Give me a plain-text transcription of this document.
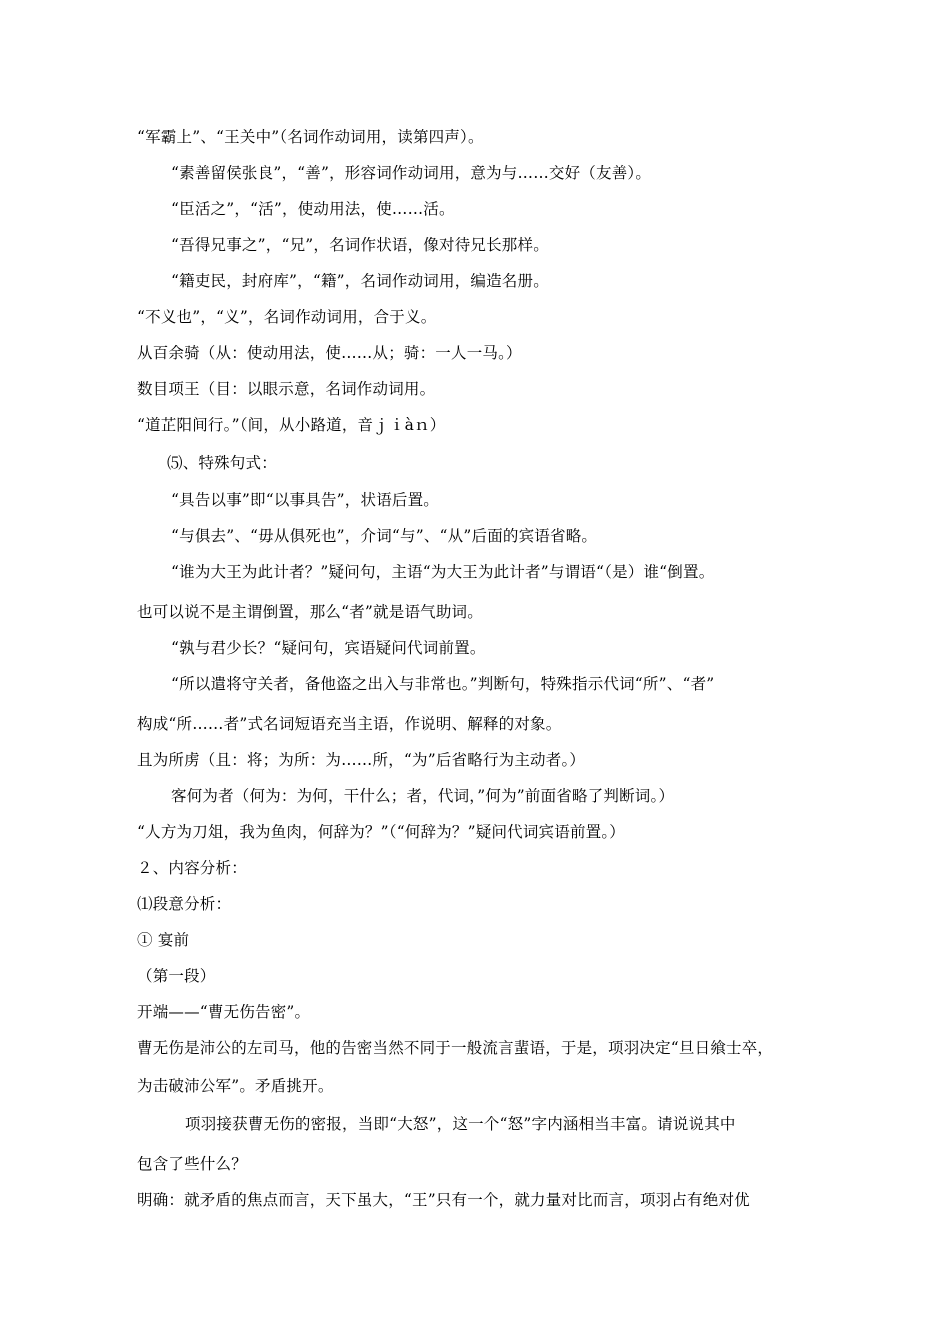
“军霸上”、“王关中”（名词作动词用，读第四声）。
“素善留侯张良”，“善”，形容词作动词用，意为与……交好（友善）。
“臣活之”，“活”，使动用法，使……活。
“吾得兄事之”，“兄”，名词作状语，像对待兄长那样。
“籍吏民，封府库”，“籍”，名词作动词用，编造名册。
“不义也”，“义”，名词作动词用，合于义。
从百余骑（从：使动用法，使……从；骑：一人一马。）
数目项王（目：以眼示意，名词作动词用。
“道芷阳间行。”（间，从小路道，音ｊｉàｎ）
⑸、特殊句式：
“具告以事”即“以事具告”，状语后置。
“与俱去”、“毋从俱死也”，介词“与”、“从”后面的宾语省略。
“谁为大王为此计者？”疑问句，主语“为大王为此计者”与谓语“（是）谁“倒置。
也可以说不是主谓倒置，那么“者”就是语气助词。
“孰与君少长？“疑问句，宾语疑问代词前置。
“所以遣将守关者，备他盗之出入与非常也。”判断句，特殊指示代词“所”、“者”
构成“所……者”式名词短语充当主语，作说明、解释的对象。
且为所虏（且：将；为所：为……所，“为”后省略行为主动者。）
客何为者（何为：为何，干什么；者，代词，”何为”前面省略了判断词。）
“人方为刀俎，我为鱼肉，何辞为？”（“何辞为？”疑问代词宾语前置。）
２、内容分析：
⑴段意分析：
① 宴前
（第一段）
开端——“曹无伤告密”。
曹无伤是沛公的左司马，他的告密当然不同于一般流言蜚语，于是，项羽决定“旦日飨士卒，
为击破沛公军”。矛盾挑开。
项羽接获曹无伤的密报，当即“大怒”，这一个“怒”字内涵相当丰富。请说说其中
包含了些什么？
明确：就矛盾的焦点而言，天下虽大，“王”只有一个，就力量对比而言，项羽占有绝对优
